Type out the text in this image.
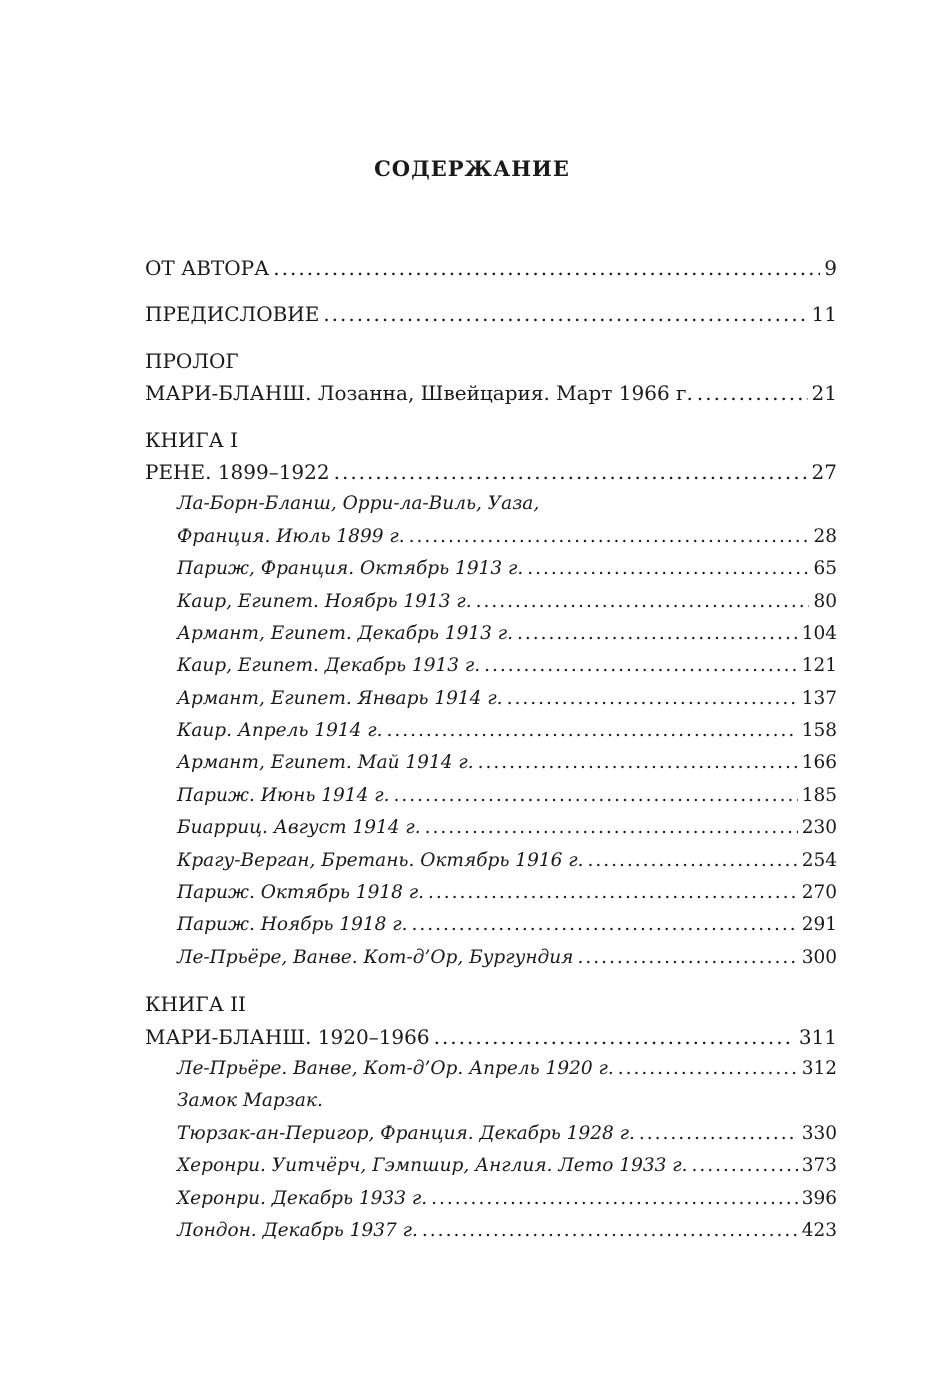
СОДЕРЖАНИЕ
ОТ АВТОРА .....	9
ПРЕДИСЛОВИЕ .....	11
ПРОЛОГ
МАРИ-БЛАНШ. Лозанна, Швейцария. Март 1966 г. .....	21
КНИГА I
РЕНЕ. 1899–1922 .....	27
Ла-Борн-Бланш, Орри-ла-Виль, Уаза,
Франция. Июль 1899 г. .....	28
Париж, Франция. Октябрь 1913 г. .....	65
Каир, Египет. Ноябрь 1913 г. .....	80
Армант, Египет. Декабрь 1913 г. .....	104
Каир, Египет. Декабрь 1913 г. .....	121
Армант, Египет. Январь 1914 г. .....	137
Каир. Апрель 1914 г. .....	158
Армант, Египет. Май 1914 г. .....	166
Париж. Июнь 1914 г. .....	185
Биарриц. Август 1914 г. .....	230
Крагу-Верган, Бретань. Октябрь 1916 г. .....	254
Париж. Октябрь 1918 г. .....	270
Париж. Ноябрь 1918 г. .....	291
Ле-Прьёре, Ванве. Кот-д’Ор, Бургундия .....	300
КНИГА II
МАРИ-БЛАНШ. 1920–1966 .....	311
Ле-Прьёре. Ванве, Кот-д’Ор. Апрель 1920 г. .....	312
Замок Марзак.
Тюрзак-ан-Перигор, Франция. Декабрь 1928 г. .....	330
Херонри. Уитчёрч, Гэмпшир, Англия. Лето 1933 г. .....	373
Херонри. Декабрь 1933 г. .....	396
Лондон. Декабрь 1937 г. .....	423
